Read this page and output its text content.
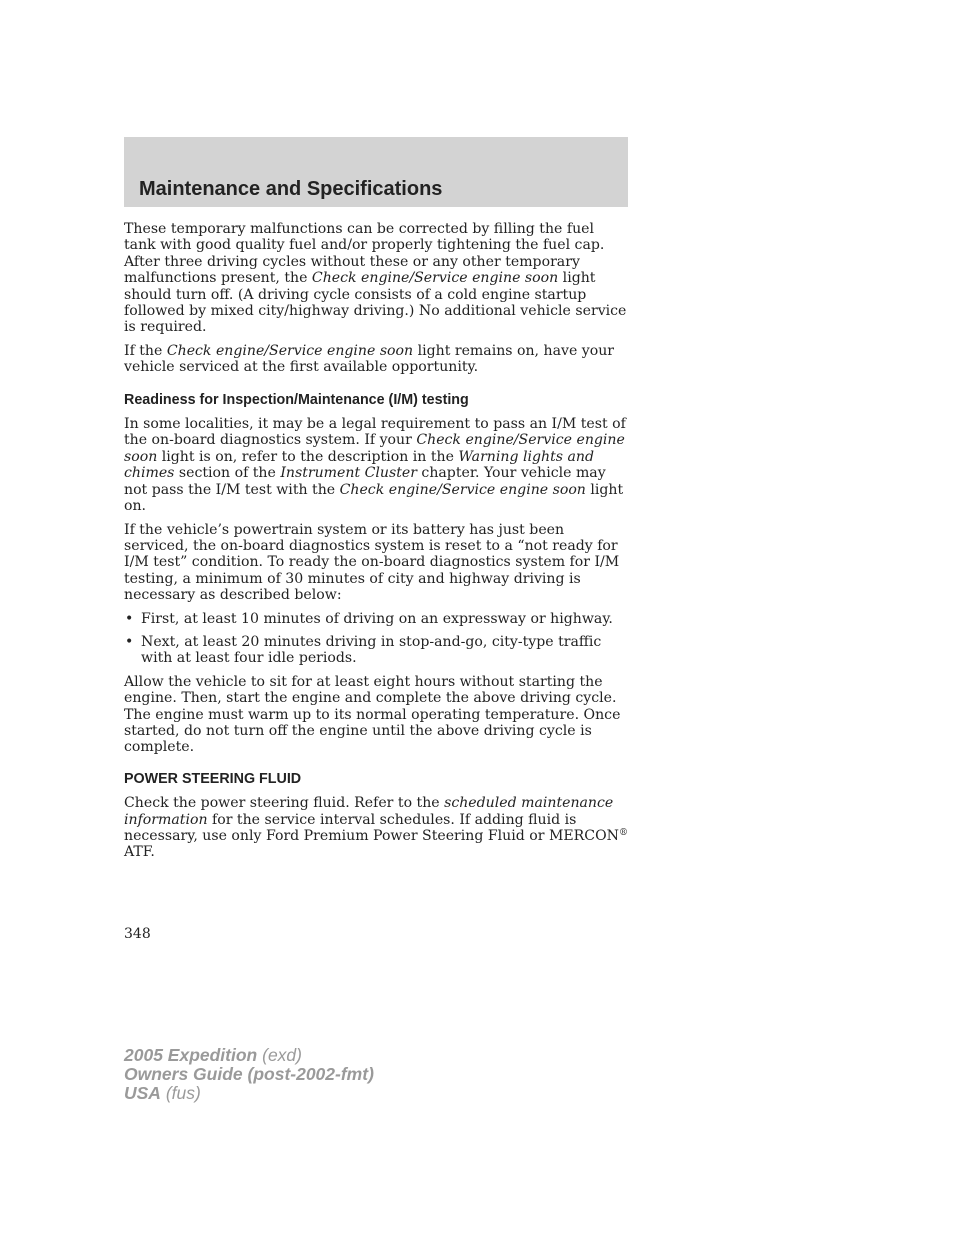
Maintenance and Specifications

These temporary malfunctions can be corrected by filling the fuel tank with good quality fuel and/or properly tightening the fuel cap. After three driving cycles without these or any other temporary malfunctions present, the Check engine/Service engine soon light should turn off. (A driving cycle consists of a cold engine startup followed by mixed city/highway driving.) No additional vehicle service is required.

If the Check engine/Service engine soon light remains on, have your vehicle serviced at the first available opportunity.

Readiness for Inspection/Maintenance (I/M) testing

In some localities, it may be a legal requirement to pass an I/M test of the on-board diagnostics system. If your Check engine/Service engine soon light is on, refer to the description in the Warning lights and chimes section of the Instrument Cluster chapter. Your vehicle may not pass the I/M test with the Check engine/Service engine soon light on.

If the vehicle’s powertrain system or its battery has just been serviced, the on-board diagnostics system is reset to a “not ready for I/M test” condition. To ready the on-board diagnostics system for I/M testing, a minimum of 30 minutes of city and highway driving is necessary as described below:

• First, at least 10 minutes of driving on an expressway or highway.
• Next, at least 20 minutes driving in stop-and-go, city-type traffic with at least four idle periods.

Allow the vehicle to sit for at least eight hours without starting the engine. Then, start the engine and complete the above driving cycle. The engine must warm up to its normal operating temperature. Once started, do not turn off the engine until the above driving cycle is complete.

POWER STEERING FLUID

Check the power steering fluid. Refer to the scheduled maintenance information for the service interval schedules. If adding fluid is necessary, use only Ford Premium Power Steering Fluid or MERCON® ATF.

348
2005 Expedition (exd)
Owners Guide (post-2002-fmt)
USA (fus)
